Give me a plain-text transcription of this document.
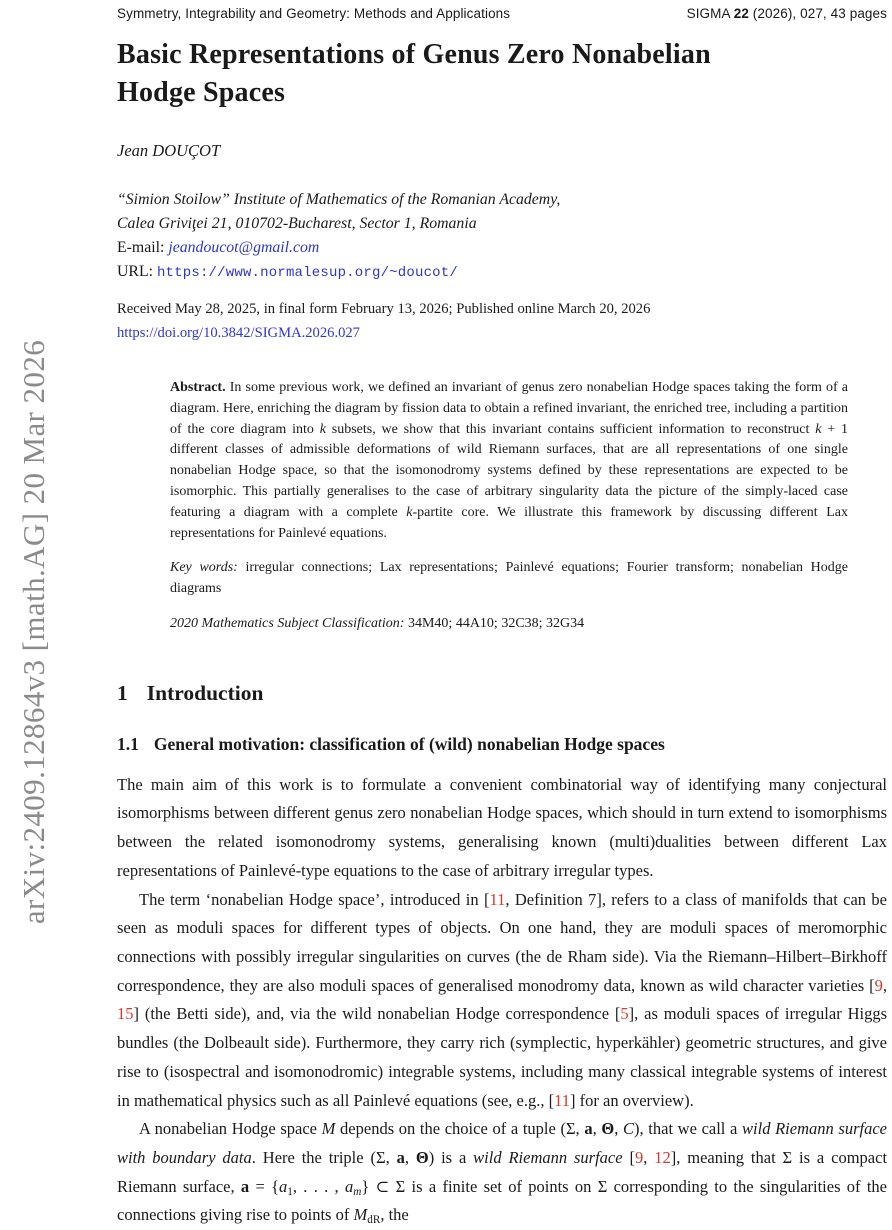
arXiv:2409.12864v3 [math.AG] 20 Mar 2026
Symmetry, Integrability and Geometry: Methods and Applications	SIGMA 22 (2026), 027, 43 pages
Basic Representations of Genus Zero Nonabelian
Hodge Spaces
Jean DOUÇOT
“Simion Stoilow” Institute of Mathematics of the Romanian Academy,
Calea Griviţei 21, 010702-Bucharest, Sector 1, Romania
E-mail: jeandoucot@gmail.com
URL: https://www.normalesup.org/~doucot/
Received May 28, 2025, in final form February 13, 2026; Published online March 20, 2026
https://doi.org/10.3842/SIGMA.2026.027

Abstract. In some previous work, we defined an invariant of genus zero nonabelian Hodge spaces taking the form of a diagram. Here, enriching the diagram by fission data to obtain a refined invariant, the enriched tree, including a partition of the core diagram into k subsets, we show that this invariant contains sufficient information to reconstruct k + 1 different classes of admissible deformations of wild Riemann surfaces, that are all representations of one single nonabelian Hodge space, so that the isomonodromy systems defined by these representations are expected to be isomorphic. This partially generalises to the case of arbitrary singularity data the picture of the simply-laced case featuring a diagram with a complete k-partite core. We illustrate this framework by discussing different Lax representations for Painlevé equations.

Key words: irregular connections; Lax representations; Painlevé equations; Fourier transform; nonabelian Hodge diagrams

2020 Mathematics Subject Classification: 34M40; 44A10; 32C38; 32G34

1 Introduction
1.1 General motivation: classification of (wild) nonabelian Hodge spaces

The main aim of this work is to formulate a convenient combinatorial way of identifying many conjectural isomorphisms between different genus zero nonabelian Hodge spaces, which should in turn extend to isomorphisms between the related isomonodromy systems, generalising known (multi)dualities between different Lax representations of Painlevé-type equations to the case of arbitrary irregular types.

The term ‘nonabelian Hodge space’, introduced in [11, Definition 7], refers to a class of manifolds that can be seen as moduli spaces for different types of objects. On one hand, they are moduli spaces of meromorphic connections with possibly irregular singularities on curves (the de Rham side). Via the Riemann–Hilbert–Birkhoff correspondence, they are also moduli spaces of generalised monodromy data, known as wild character varieties [9, 15] (the Betti side), and, via the wild nonabelian Hodge correspondence [5], as moduli spaces of irregular Higgs bundles (the Dolbeault side). Furthermore, they carry rich (symplectic, hyperkähler) geometric structures, and give rise to (isospectral and isomonodromic) integrable systems, including many classical integrable systems of interest in mathematical physics such as all Painlevé equations (see, e.g., [11] for an overview).

A nonabelian Hodge space M depends on the choice of a tuple (Σ, a, Θ, C), that we call a wild Riemann surface with boundary data. Here the triple (Σ, a, Θ) is a wild Riemann surface [9, 12], meaning that Σ is a compact Riemann surface, $a = \{a_1$, . . . , am} ⊂ Σ is a finite set of points on Σ corresponding to the singularities of the connections giving rise to points of $M_{dR}$, the
